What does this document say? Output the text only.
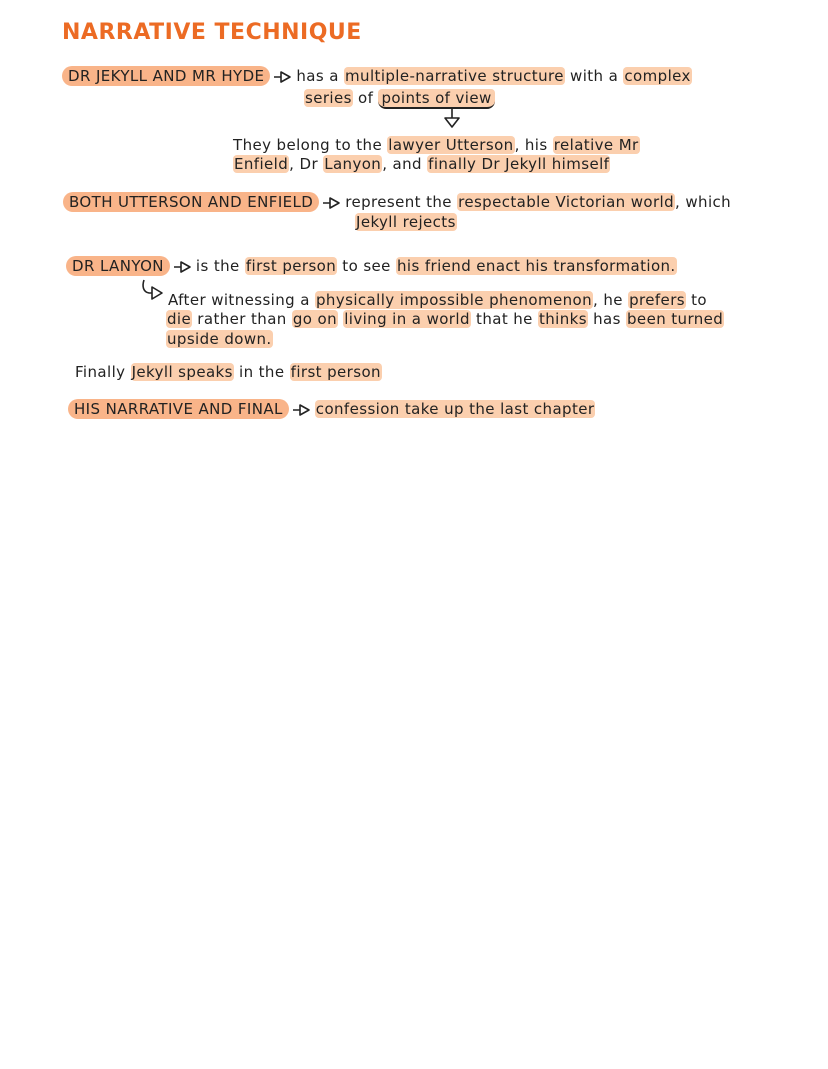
NARRATIVE TECHNIQUE
DR JEKYLL AND MR HYDE has a multiple-narrative structure with a complex
series of points of view
They belong to the lawyer Utterson, his relative Mr
Enfield, Dr Lanyon, and finally Dr Jekyll himself
BOTH UTTERSON AND ENFIELD represent the respectable Victorian world, which
Jekyll rejects
DR LANYON is the first person to see his friend enact his transformation.
After witnessing a physically impossible phenomenon, he prefers to
die rather than go on living in a world that he thinks has been turned
upside down.
Finally Jekyll speaks in the first person
HIS NARRATIVE AND FINAL confession take up the last chapter
